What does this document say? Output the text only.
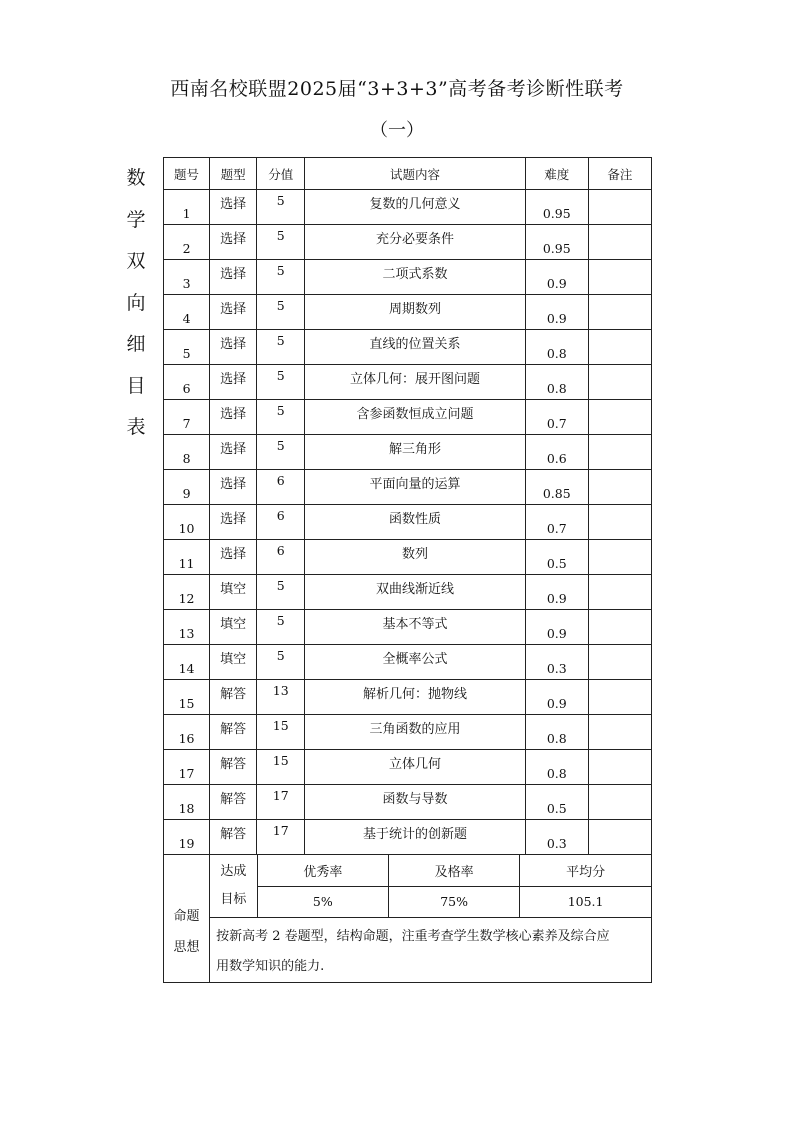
西南名校联盟2025届“3+3+3”高考备考诊断性联考
（一）
数
学
双
向
细
目
表
题号	题型	分值	试题内容	难度	备注
1	选择	5	复数的几何意义	0.95	
2	选择	5	充分必要条件	0.95	
3	选择	5	二项式系数	0.9	
4	选择	5	周期数列	0.9	
5	选择	5	直线的位置关系	0.8	
6	选择	5	立体几何：展开图问题	0.8	
7	选择	5	含参函数恒成立问题	0.7	
8	选择	5	解三角形	0.6	
9	选择	6	平面向量的运算	0.85	
10	选择	6	函数性质	0.7	
11	选择	6	数列	0.5	
12	填空	5	双曲线渐近线	0.9	
13	填空	5	基本不等式	0.9	
14	填空	5	全概率公式	0.3	
15	解答	13	解析几何：抛物线	0.9	
16	解答	15	三角函数的应用	0.8	
17	解答	15	立体几何	0.8	
18	解答	17	函数与导数	0.5	
19	解答	17	基于统计的创新题	0.3	

命题
思想

达成
目标
	优秀率	及格率	平均分
5%	75%	105.1

按新高考 2 卷题型，结构命题，注重考查学生数学核心素养及综合应
用数学知识的能力.
